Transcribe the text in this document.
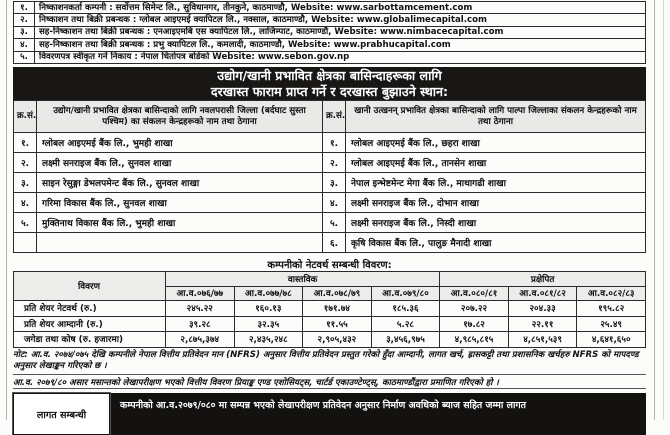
१.	निष्काशनकर्ता कम्पनी : सर्वोत्तम सिमेन्ट लि., सुविधानगर, तीनकुने, काठमाण्डौ, Website: www.sarbottamcement.com
२.	निष्काशन तथा बिक्री प्रबन्धक : ग्लोबल आइएमई क्यापिटल लि., नक्साल, काठमाण्डौ, Website: www.globalimecapital.com
३.	सह-निष्काशन तथा बिक्री प्रबन्धक : एनआइएमबि एस क्यापिटल लि., लाजिम्पाट, काठमाण्डौ, Website: www.nimbacecapital.com
४.	सह-निष्काशन तथा बिक्री प्रबन्धक : प्रभु क्यापिटल लि., कमलादी, काठमाण्डौ, Website: www.prabhucapital.com
५.	विवरणपत्र स्वीकृत गर्ने निकाय : नेपाल धितोपत्र बोर्डको Website: www.sebon.gov.np
उद्योग/खानी प्रभावित क्षेत्रका बासिन्दाहरूका लागि
दरखास्त फाराम प्राप्त गर्ने र दरखास्त बुझाउने स्थान:
क्र.सं.	उद्योग/खानी प्रभावित क्षेत्रका बासिन्दाको लागि नवलपरासी जिल्ला (बर्दघाट सुस्ता पश्चिम) का संकलन केन्द्रहरूको नाम तथा ठेगाना	क्र.सं.	खानी उत्खनन् प्रभावित क्षेत्रका बासिन्दाको लागि पाल्पा जिल्लाका संकलन केन्द्रहरूको नाम तथा ठेगाना
१.	ग्लोबल आइएमई बैंक लि., भुमही शाखा	१.	ग्लोबल आइएमई बैंक लि., छहरा शाखा
२.	लक्ष्मी सनराइज बैंक लि., सुनवल शाखा	२.	ग्लोबल आइएमई बैंक लि., तानसेन शाखा
३.	साइन रेसुङ्गा डेभलपमेन्ट बैंक लि., सुनवल शाखा	३.	नेपाल इन्भेष्टमेन्ट मेगा बैंक लि., माथागढी शाखा
४.	गरिमा विकास बैंक लि., सुनवल शाखा	४.	लक्ष्मी सनराइज बैंक लि., दोभान शाखा
५.	मुक्तिनाथ विकास बैंक लि., भुमही शाखा	५.	लक्ष्मी सनराइज बैंक लि., निस्दी शाखा
		६.	कृषि विकास बैंक लि., पालुङ मैनादी शाखा
कम्पनीको नेटवर्थ सम्बन्धी विवरण:
विवरण	वास्तविक				प्रक्षेपित		
	आ.व.०७६/७७	आ.व.०७७/७८	आ.व.०७८/७९	आ.व.०७९/८०	आ.व.०८०/८१	आ.व.०८१/८२	आ.व.०८२/८३
प्रति शेयर नेटवर्थ (रु.)	२४५.२२	१६०.१३	१७१.७४	१८५.३६	२०७.२२	२०४.३३	१९५.८२
प्रति शेयर आम्दानी (रु.)	३९.२८	३२.३५	११.५५	५.२८	१७.८२	२२.११	२५.४९
जगेडा तथा कोष (रु. हजारमा)	२,८७५,३७४	२,४३५,२४८	२,९०५,४३२	३,४५६,९७५	४,९८५,८१५	४,८५१,५३९	४,६४१,६५०
नोट: आ.व. २०७४/०७५ देखि कम्पनीले नेपाल वित्तीय प्रतिवेदन मान (NFRS) अनुसार वित्तीय प्रतिवेदन प्रस्तुत गरेको हुँदा आम्दानी, लागत खर्च, ह्रासकट्टी तथा प्रशासनिक खर्चहरु NFRS को मापदण्ड अनुसार लेखाङ्कन गरिएको छ ।
आ.व. २०७९/८० असार मसान्तको लेखापरीक्षण भएको वित्तीय विवरण प्रियाङ्क एण्ड एशोसियट्स, चार्टर्ड एकाउण्टेण्ट्स्, काठमाण्डौंद्वारा प्रमाणित गरिएको हो ।
लागत सम्बन्धी
कम्पनीको आ.व.२०७९/०८० मा सम्पन्न भएको लेखापरीक्षण प्रतिवेदन अनुसार निर्माण अवधिको ब्याज सहित जम्मा लागत
